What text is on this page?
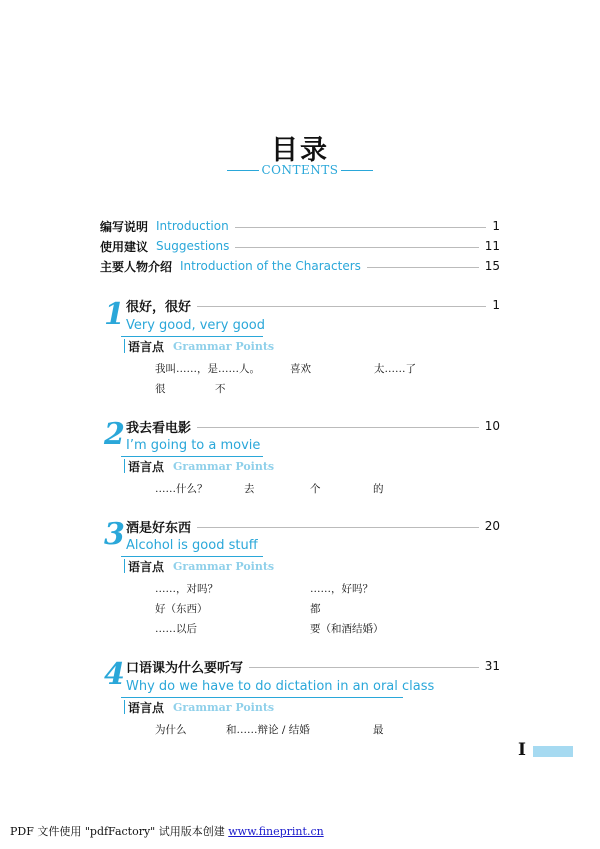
目录
CONTENTS
编写说明 Introduction	1
使用建议 Suggestions	11
主要人物介绍 Introduction of the Characters	15
1 很好，很好	1
Very good, very good
语言点 Grammar Points
我叫……，是……人。	喜欢	太……了
很	不
2 我去看电影	10
I’m going to a movie
语言点 Grammar Points
……什么？	去	个	的
3 酒是好东西	20
Alcohol is good stuff
语言点 Grammar Points
……，对吗？	……，好吗？
好（东西）	都
……以后	要（和酒结婚）
4 口语课为什么要听写	31
Why do we have to do dictation in an oral class
语言点 Grammar Points
为什么	和……辩论 / 结婚	最
I
PDF 文件使用 "pdfFactory" 试用版本创建 www.fineprint.cn
